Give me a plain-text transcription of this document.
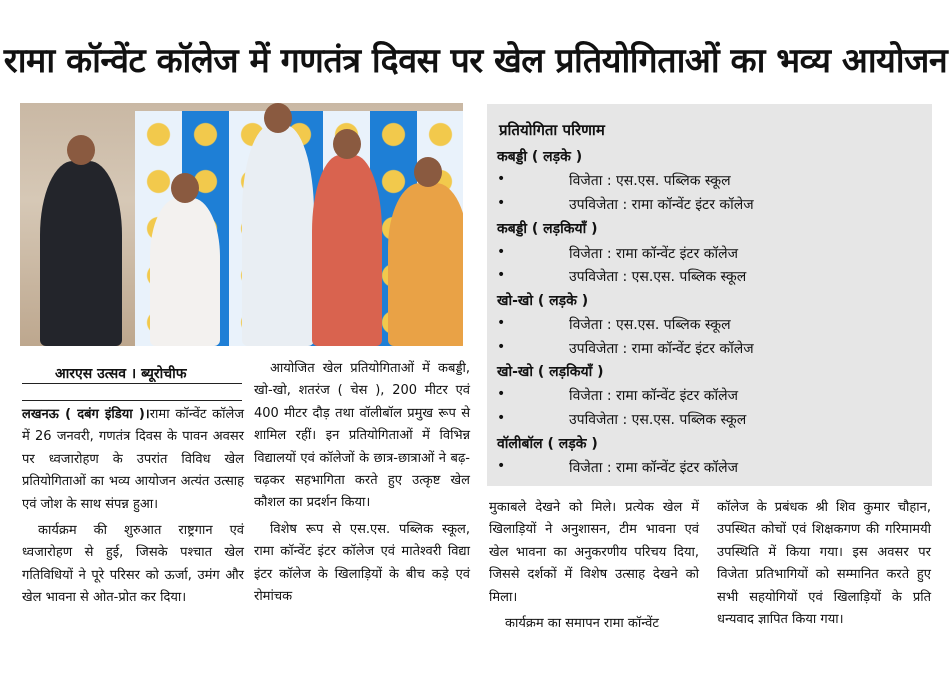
रामा कॉन्वेंट कॉलेज में गणतंत्र दिवस पर खेल प्रतियोगिताओं का भव्य आयोजन
आरएस उत्सव । ब्यूरोचीफ

लखनऊ ( दबंग इंडिया )।रामा कॉन्वेंट कॉलेज में 26 जनवरी, गणतंत्र दिवस के पावन अवसर पर ध्वजारोहण के उपरांत विविध खेल प्रतियोगिताओं का भव्य आयोजन अत्यंत उत्साह एवं जोश के साथ संपन्न हुआ।

कार्यक्रम की शुरुआत राष्ट्रगान एवं ध्वजारोहण से हुई, जिसके पश्चात खेल गतिविधियों ने पूरे परिसर को ऊर्जा, उमंग और खेल भावना से ओत-प्रोत कर दिया।

आयोजित खेल प्रतियोगिताओं में कबड्डी, खो-खो, शतरंज ( चेस ), 200 मीटर एवं 400 मीटर दौड़ तथा वॉलीबॉल प्रमुख रूप से शामिल रहीं। इन प्रतियोगिताओं में विभिन्न विद्यालयों एवं कॉलेजों के छात्र-छात्राओं ने बढ़-चढ़कर सहभागिता करते हुए उत्कृष्ट खेल कौशल का प्रदर्शन किया।

विशेष रूप से एस.एस. पब्लिक स्कूल, रामा कॉन्वेंट इंटर कॉलेज एवं मातेश्वरी विद्या इंटर कॉलेज के खिलाड़ियों के बीच कड़े एवं रोमांचक

प्रतियोगिता परिणाम
कबड्डी ( लड़के )
•	विजेता : एस.एस. पब्लिक स्कूल
•	उपविजेता : रामा कॉन्वेंट इंटर कॉलेज
कबड्डी ( लड़कियाँ )
•	विजेता : रामा कॉन्वेंट इंटर कॉलेज
•	उपविजेता : एस.एस. पब्लिक स्कूल
खो-खो ( लड़के )
•	विजेता : एस.एस. पब्लिक स्कूल
•	उपविजेता : रामा कॉन्वेंट इंटर कॉलेज
खो-खो ( लड़कियाँ )
•	विजेता : रामा कॉन्वेंट इंटर कॉलेज
•	उपविजेता : एस.एस. पब्लिक स्कूल
वॉलीबॉल ( लड़के )
•	विजेता : रामा कॉन्वेंट इंटर कॉलेज

मुकाबले देखने को मिले। प्रत्येक खेल में खिलाड़ियों ने अनुशासन, टीम भावना एवं खेल भावना का अनुकरणीय परिचय दिया, जिससे दर्शकों में विशेष उत्साह देखने को मिला।

कार्यक्रम का समापन रामा कॉन्वेंट

कॉलेज के प्रबंधक श्री शिव कुमार चौहान, उपस्थित कोचों एवं शिक्षकगण की गरिमामयी उपस्थिति में किया गया। इस अवसर पर विजेता प्रतिभागियों को सम्मानित करते हुए सभी सहयोगियों एवं खिलाड़ियों के प्रति धन्यवाद ज्ञापित किया गया।
